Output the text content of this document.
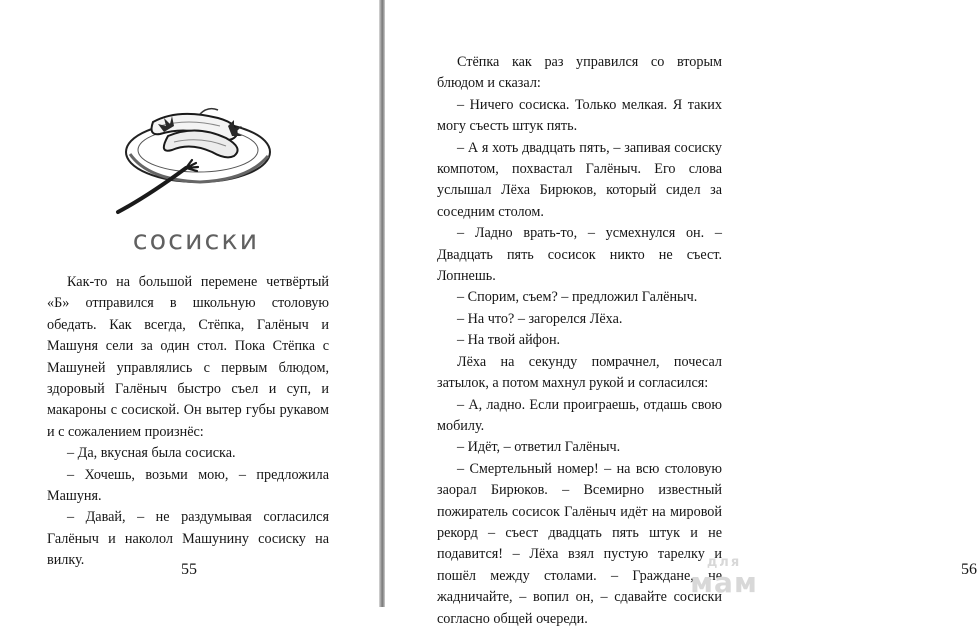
сосиски

Как-то на большой перемене четвёртый «Б» отправился в школьную столовую обедать. Как всегда, Стёпка, Галёныч и Машуня сели за один стол. Пока Стёпка с Машуней управлялись с первым блюдом, здоровый Галёныч быстро съел и суп, и макароны с сосиской. Он вытер губы рукавом и с сожалением произнёс:

– Да, вкусная была сосиска.

– Хочешь, возьми мою, – предложила Машуня.

– Давай, – не раздумывая согласился Галёныч и наколол Машунину сосиску на вилку.

55	56

Стёпка как раз управился со вторым блюдом и сказал:

– Ничего сосиска. Только мелкая. Я таких могу съесть штук пять.

– А я хоть двадцать пять, – запивая сосиску компотом, похвастал Галёныч. Его слова услышал Лёха Бирюков, который сидел за соседним столом.

– Ладно врать-то, – усмехнулся он. – Двадцать пять сосисок никто не съест. Лопнешь.

– Спорим, съем? – предложил Галёныч.

– На что? – загорелся Лёха.

– На твой айфон.

Лёха на секунду помрачнел, почесал затылок, а потом махнул рукой и согласился:

– А, ладно. Если проиграешь, отдашь свою мобилу.

– Идёт, – ответил Галёныч.

– Смертельный номер! – на всю столовую заорал Бирюков. – Всемирно известный пожиратель сосисок Галёныч идёт на мировой рекорд – съест двадцать пять штук и не подавится! – Лёха взял пустую тарелку и пошёл между столами. – Граждане, не жадничайте, – вопил он, – сдавайте сосиски согласно общей очереди.

для
мам
